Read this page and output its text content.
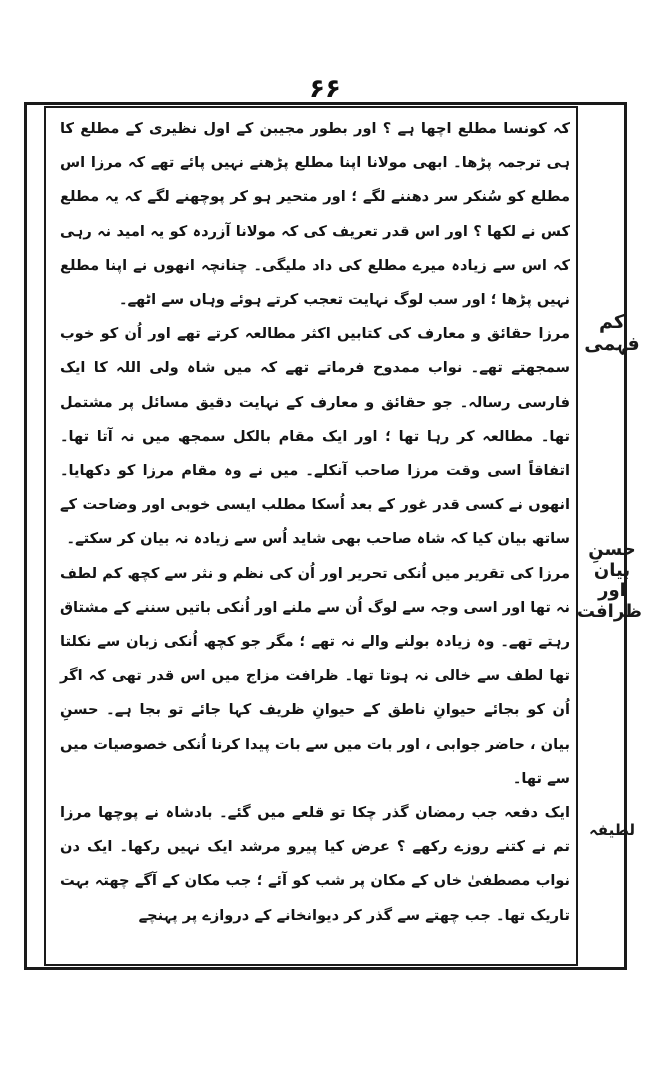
۶۶

کہ کونسا مطلع اچھا ہے ؟ اور بطور مجیبن کے اول نظیری کے مطلع کا ہی ترجمہ پڑھا۔ ابھی مولانا اپنا مطلع پڑھنے نہیں پائے تھے کہ مرزا اس مطلع کو سُنکر سر دھننے لگے ؛ اور متحیر ہو کر پوچھنے لگے کہ یہ مطلع کس نے لکھا ؟ اور اس قدر تعریف کی کہ مولانا آزردہ کو یہ امید نہ رہی کہ اس سے زیادہ میرے مطلع کی داد ملیگی۔ چنانچہ انھوں نے اپنا مطلع نہیں پڑھا ؛ اور سب لوگ نہایت تعجب کرتے ہوئے وہاں سے اٹھے۔

مرزا حقائق و معارف کی کتابیں اکثر مطالعہ کرتے تھے اور اُن کو خوب سمجھتے تھے۔ نواب ممدوح فرماتے تھے کہ میں شاہ ولی اللہ کا ایک فارسی رسالہ۔ جو حقائق و معارف کے نہایت دقیق مسائل پر مشتمل تھا۔ مطالعہ کر رہا تھا ؛ اور ایک مقام بالکل سمجھ میں نہ آتا تھا۔ اتفاقاً اسی وقت مرزا صاحب آنکلے۔ میں نے وہ مقام مرزا کو دکھایا۔ انھوں نے کسی قدر غور کے بعد اُسکا مطلب ایسی خوبی اور وضاحت کے ساتھ بیان کیا کہ شاہ صاحب بھی شاید اُس سے زیادہ نہ بیان کر سکتے۔

مرزا کی تقریر میں اُنکی تحریر اور اُن کی نظم و نثر سے کچھ کم لطف نہ تھا اور اسی وجہ سے لوگ اُن سے ملنے اور اُنکی باتیں سننے کے مشتاق رہتے تھے۔ وہ زیادہ بولنے والے نہ تھے ؛ مگر جو کچھ اُنکی زبان سے نکلتا تھا لطف سے خالی نہ ہوتا تھا۔ ظرافت مزاج میں اس قدر تھی کہ اگر اُن کو بجائے حیوانِ ناطق کے حیوانِ ظریف کہا جائے تو بجا ہے۔ حسنِ بیان ، حاضر جوابی ، اور بات میں سے بات پیدا کرنا اُنکی خصوصیات میں سے تھا۔

ایک دفعہ جب رمضان گذر چکا تو قلعے میں گئے۔ بادشاہ نے پوچھا مرزا تم نے کتنے روزے رکھے ؟ عرض کیا پیرو مرشد ایک نہیں رکھا۔ ایک دن نواب مصطفیٰ خاں کے مکان پر شب کو آئے ؛ جب مکان کے آگے چھتہ بہت تاریک تھا۔ جب چھتے سے گذر کر دیوانخانے کے دروازے پر پہنچے

کم فہمی
حسنِ بیان اور ظرافت
لطیفہ
